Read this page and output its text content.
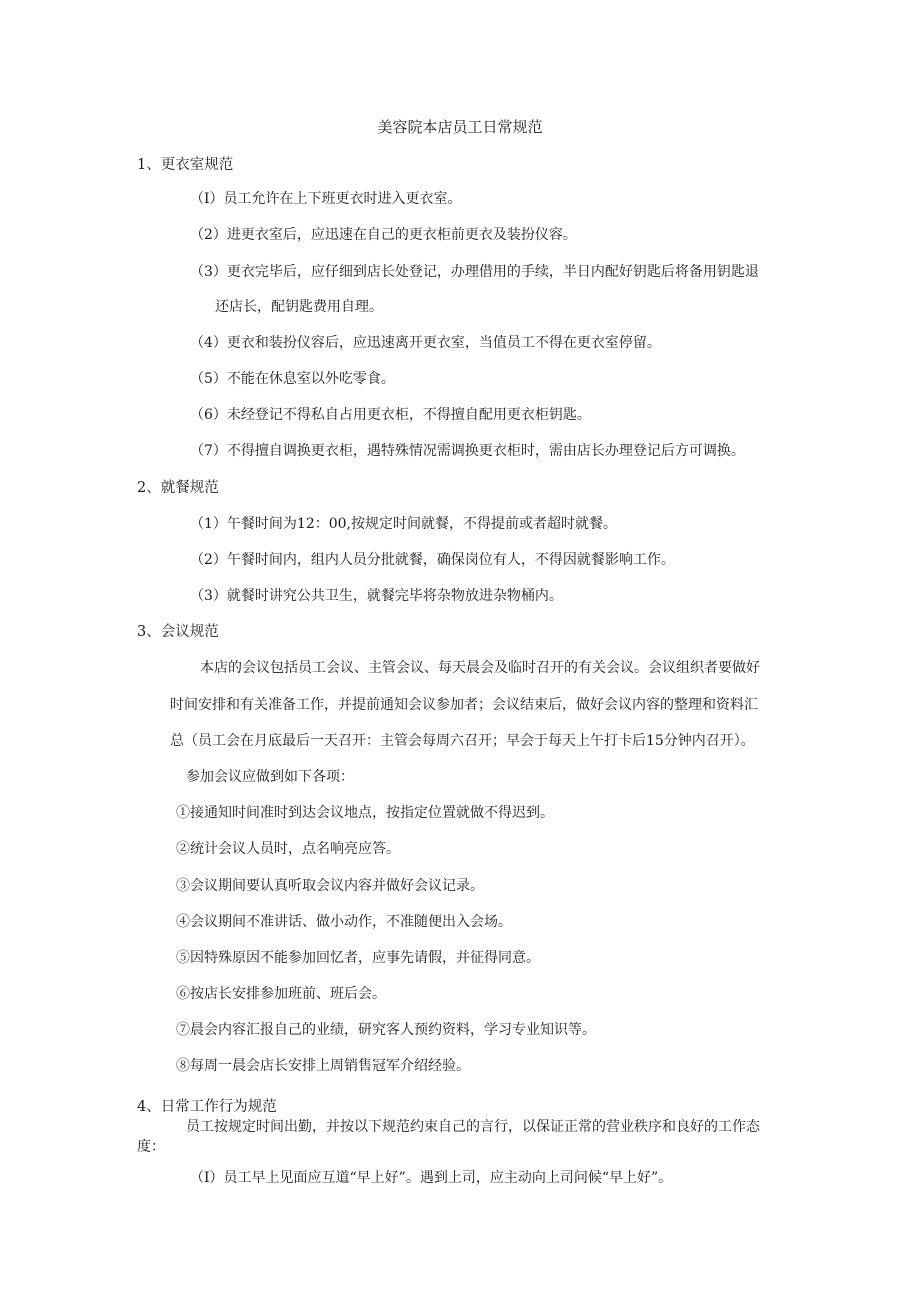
美容院本店员工日常规范
1、更衣室规范
（I）员工允许在上下班更衣时进入更衣室。
（2）进更衣室后，应迅速在自己的更衣柜前更衣及装扮仪容。
（3）更衣完毕后，应仔细到店长处登记，办理借用的手续，半日内配好钥匙后将备用钥匙退
还店长，配钥匙费用自理。
（4）更衣和装扮仪容后，应迅速离开更衣室，当值员工不得在更衣室停留。
（5）不能在休息室以外吃零食。
（6）未经登记不得私自占用更衣柜，不得擅自配用更衣柜钥匙。
（7）不得擅自调换更衣柜，遇特殊情况需调换更衣柜时，需由店长办理登记后方可调换。
2、就餐规范
（1）午餐时间为12：00,按规定时间就餐，不得提前或者超时就餐。
（2）午餐时间内，组内人员分批就餐，确保岗位有人，不得因就餐影响工作。
（3）就餐时讲究公共卫生，就餐完毕将杂物放进杂物桶内。
3、会议规范
本店的会议包括员工会议、主管会议、每天晨会及临时召开的有关会议。会议组织者要做好
时间安排和有关准备工作，并提前通知会议参加者；会议结束后，做好会议内容的整理和资料汇
总（员工会在月底最后一天召开：主管会每周六召开；早会于每天上午打卡后15分钟内召开）。
参加会议应做到如下各项：
①接通知时间准时到达会议地点，按指定位置就做不得迟到。
②统计会议人员时，点名响亮应答。
③会议期间要认真听取会议内容并做好会议记录。
④会议期间不准讲话、做小动作，不准随便出入会场。
⑤因特殊原因不能参加回忆者，应事先请假，并征得同意。
⑥按店长安排参加班前、班后会。
⑦晨会内容汇报自己的业绩，研究客人预约资料，学习专业知识等。
⑧每周一晨会店长安排上周销售冠军介绍经验。
4、日常工作行为规范
员工按规定时间出勤，并按以下规范约束自己的言行，以保证正常的营业秩序和良好的工作态
度：
（I）员工早上见面应互道“早上好”。遇到上司，应主动向上司问候“早上好”。
